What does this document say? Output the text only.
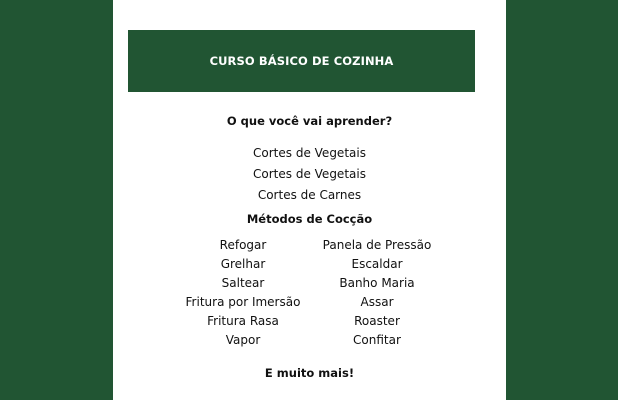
CURSO BÁSICO DE COZINHA
O que você vai aprender?
Cortes de Vegetais
Cortes de Vegetais
Cortes de Carnes
Métodos de Cocção
Refogar
Grelhar
Saltear
Fritura por Imersão
Fritura Rasa
Vapor
Panela de Pressão
Escaldar
Banho Maria
Assar
Roaster
Confitar
E muito mais!
